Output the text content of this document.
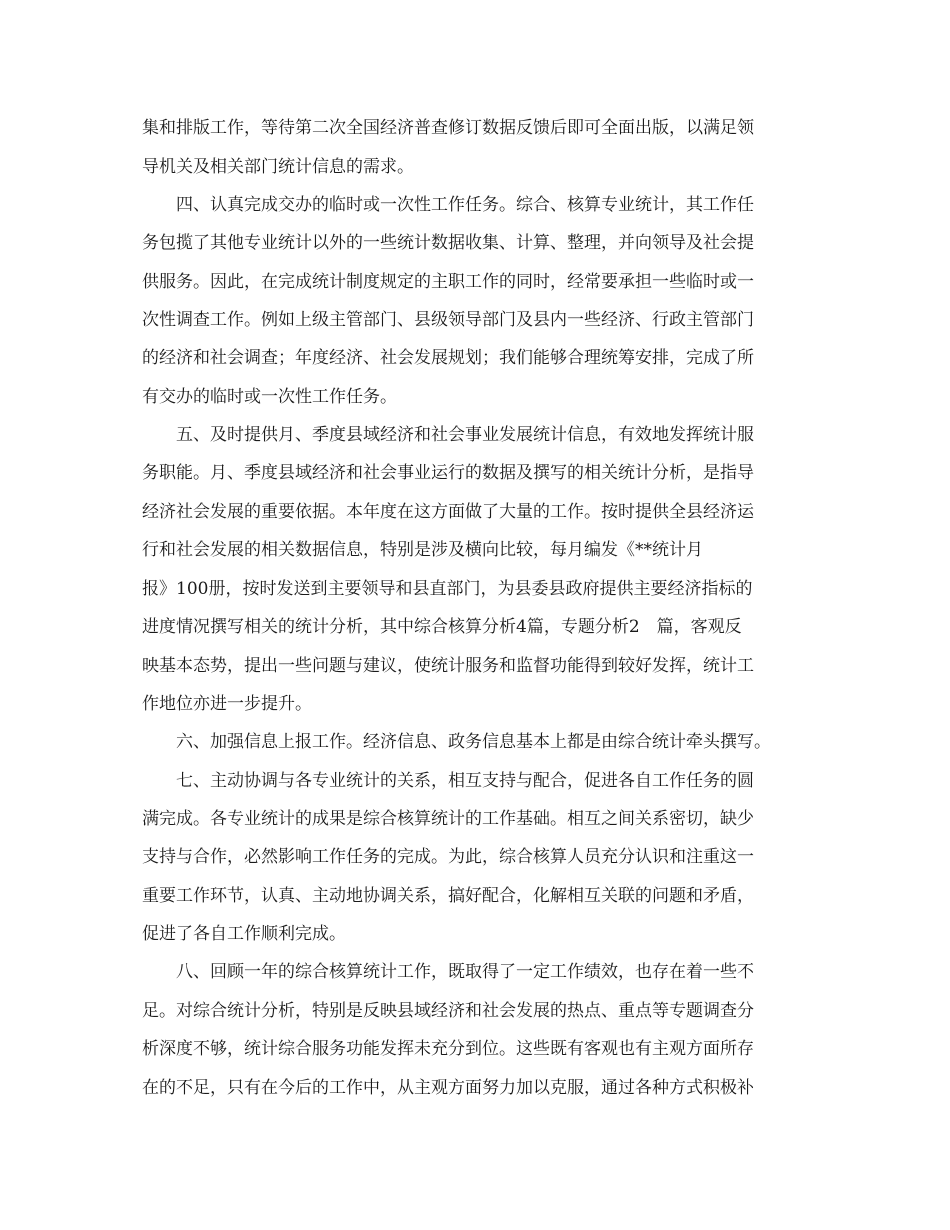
集和排版工作，等待第二次全国经济普查修订数据反馈后即可全面出版，以满足领
导机关及相关部门统计信息的需求。
四、认真完成交办的临时或一次性工作任务。综合、核算专业统计，其工作任
务包揽了其他专业统计以外的一些统计数据收集、计算、整理，并向领导及社会提
供服务。因此，在完成统计制度规定的主职工作的同时，经常要承担一些临时或一
次性调查工作。例如上级主管部门、县级领导部门及县内一些经济、行政主管部门
的经济和社会调查；年度经济、社会发展规划；我们能够合理统筹安排，完成了所
有交办的临时或一次性工作任务。
五、及时提供月、季度县域经济和社会事业发展统计信息，有效地发挥统计服
务职能。月、季度县域经济和社会事业运行的数据及撰写的相关统计分析，是指导
经济社会发展的重要依据。本年度在这方面做了大量的工作。按时提供全县经济运
行和社会发展的相关数据信息，特别是涉及横向比较，每月编发《**统计月
报》100册，按时发送到主要领导和县直部门，为县委县政府提供主要经济指标的
进度情况撰写相关的统计分析，其中综合核算分析4篇，专题分析2　篇，客观反
映基本态势，提出一些问题与建议，使统计服务和监督功能得到较好发挥，统计工
作地位亦进一步提升。
六、加强信息上报工作。经济信息、政务信息基本上都是由综合统计牵头撰写。
七、主动协调与各专业统计的关系，相互支持与配合，促进各自工作任务的圆
满完成。各专业统计的成果是综合核算统计的工作基础。相互之间关系密切，缺少
支持与合作，必然影响工作任务的完成。为此，综合核算人员充分认识和注重这一
重要工作环节，认真、主动地协调关系，搞好配合，化解相互关联的问题和矛盾，
促进了各自工作顺利完成。
八、回顾一年的综合核算统计工作，既取得了一定工作绩效，也存在着一些不
足。对综合统计分析，特别是反映县域经济和社会发展的热点、重点等专题调查分
析深度不够，统计综合服务功能发挥未充分到位。这些既有客观也有主观方面所存
在的不足，只有在今后的工作中，从主观方面努力加以克服，通过各种方式积极补
